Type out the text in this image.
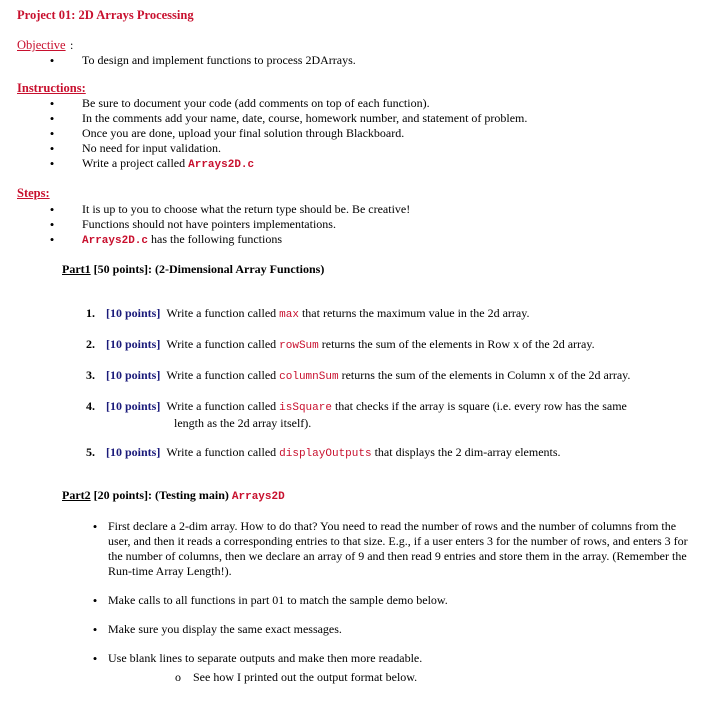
Project 01: 2D Arrays Processing
Objective :
•	To design and implement functions to process 2DArrays.
Instructions:
•	Be sure to document your code (add comments on top of each function).
•	In the comments add your name, date, course, homework number, and statement of problem.
•	Once you are done, upload your final solution through Blackboard.
•	No need for input validation.
•	Write a project called Arrays2D.c
Steps:
•	It is up to you to choose what the return type should be. Be creative!
•	Functions should not have pointers implementations.
•	Arrays2D.c has the following functions
Part1 [50 points]: (2-Dimensional Array Functions)
1. [10 points] Write a function called max that returns the maximum value in the 2d array.
2. [10 points] Write a function called rowSum returns the sum of the elements in Row x of the 2d array.
3. [10 points] Write a function called columnSum returns the sum of the elements in Column x of the 2d array.
4. [10 points] Write a function called isSquare that checks if the array is square (i.e. every row has the same
length as the 2d array itself).
5. [10 points] Write a function called displayOutputs that displays the 2 dim-array elements.
Part2 [20 points]: (Testing main) Arrays2D
• First declare a 2-dim array. How to do that? You need to read the number of rows and the number of columns from the user, and then it reads a corresponding entries to that size. E.g., if a user enters 3 for the number of rows, and enters 3 for the number of columns, then we declare an array of 9 and then read 9 entries and store them in the array. (Remember the Run-time Array Length!).
• Make calls to all functions in part 01 to match the sample demo below.
• Make sure you display the same exact messages.
• Use blank lines to separate outputs and make then more readable.
o See how I printed out the output format below.
